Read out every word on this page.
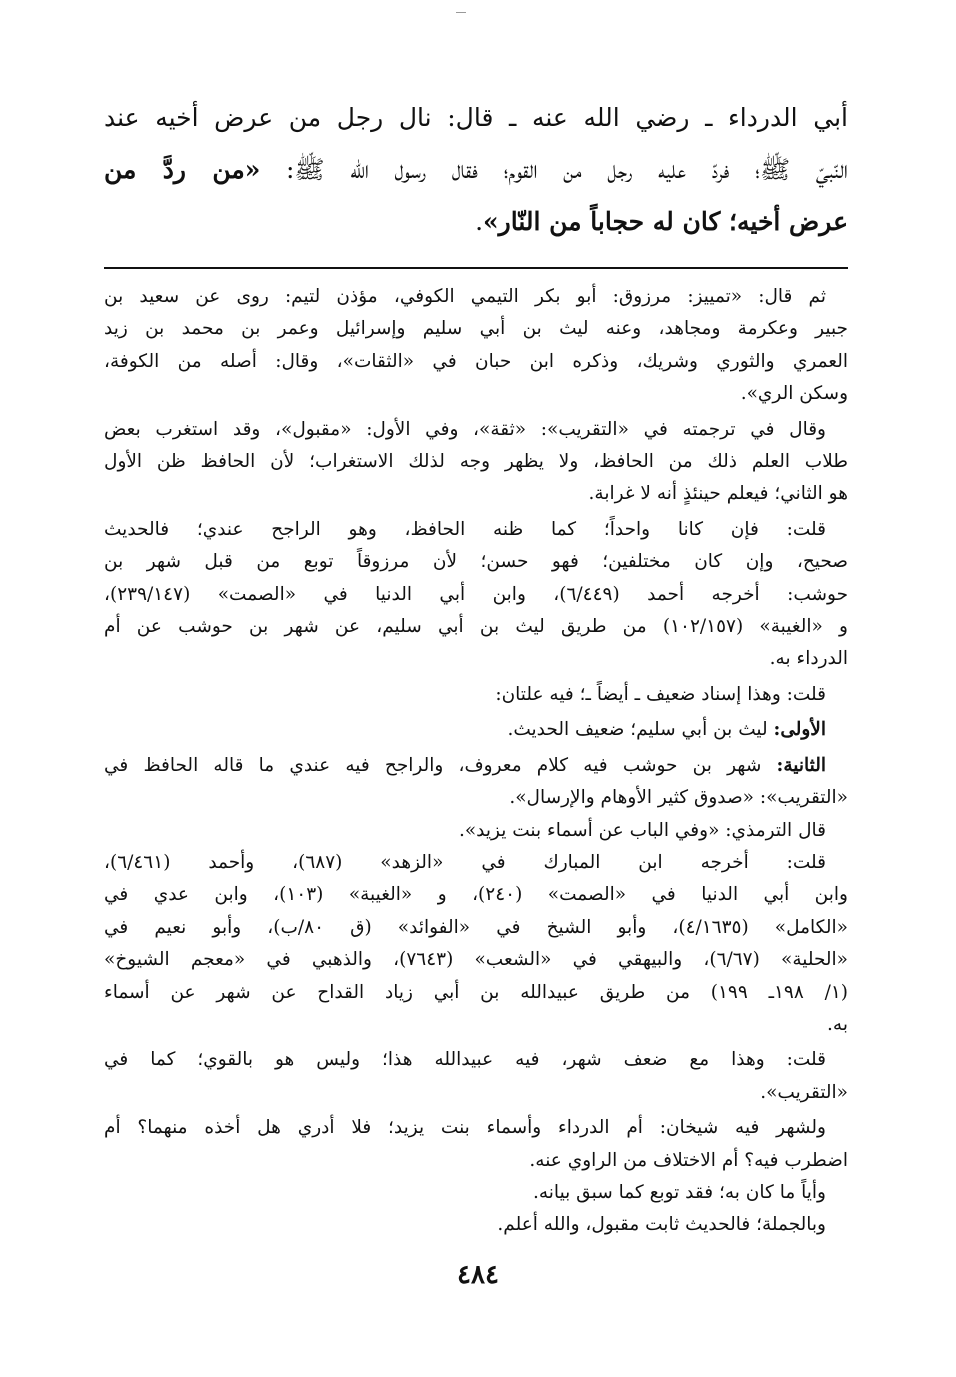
أبي الدرداء ـ رضي الله عنه ـ قال: نال رجل من عرض أخيه عند
النّبيّ ﷺ؛ فردّ عليه رجل من القوم؛ فقال رسول الله ﷺ: «من ردَّ من
عرض أخيه؛ كان له حجاباً من النّار».

ثم قال: «تمييز: مرزوق: أبو بكر التيمي الكوفي، مؤذن لتيم: روى عن سعيد بن
جبير وعكرمة ومجاهد، وعنه ليث بن أبي سليم وإسرائيل وعمر بن محمد بن زيد
العمري والثوري وشريك، وذكره ابن حبان في «الثقات»، وقال: أصله من الكوفة،
وسكن الري».
وقال في ترجمته في «التقريب»: «ثقة»، وفي الأول: «مقبول»، وقد استغرب بعض
طلاب العلم ذلك من الحافظ، ولا يظهر وجه لذلك الاستغراب؛ لأن الحافظ ظن الأول
هو الثاني؛ فيعلم حينئذٍ أنه لا غرابة.
قلت: فإن كانا واحداً؛ كما ظنه الحافظ، وهو الراجح عندي؛ فالحديث
صحيح، وإن كان مختلفين؛ فهو حسن؛ لأن مرزوقاً توبع من قبل شهر بن
حوشب: أخرجه أحمد (٦/٤٤٩)، وابن أبي الدنيا في «الصمت» (٢٣٩/١٤٧)،
و «الغيبة» (١٠٢/١٥٧) من طريق ليث بن أبي سليم، عن شهر بن حوشب عن أم
الدرداء به.
قلت: وهذا إسناد ضعيف ـ أيضاً ـ؛ فيه علتان:
الأولى: ليث بن أبي سليم؛ ضعيف الحديث.
الثانية: شهر بن حوشب فيه كلام معروف، والراجح فيه عندي ما قاله الحافظ في
«التقريب»: «صدوق كثير الأوهام والإرسال».
قال الترمذي: «وفي الباب عن أسماء بنت يزيد».
قلت: أخرجه ابن المبارك في «الزهد» (٦٨٧)، وأحمد (٦/٤٦١)،
وابن أبي الدنيا في «الصمت» (٢٤٠)، و «الغيبة» (١٠٣)، وابن عدي في
«الكامل» (٤/١٦٣٥)، وأبو الشيخ في «الفوائد» (ق ٨٠/ب)، وأبو نعيم في
«الحلية» (٦/٦٧)، والبيهقي في «الشعب» (٧٦٤٣)، والذهبي في «معجم الشيوخ»
(١/ ١٩٨ـ ١٩٩) من طريق عبيدالله بن أبي زياد القداح عن شهر عن أسماء
به.
قلت: وهذا مع ضعف شهر، فيه عبيدالله هذا؛ وليس هو بالقوي؛ كما في
«التقريب».
ولشهر فيه شيخان: أم الدرداء وأسماء بنت يزيد؛ فلا أدري هل أخذه منهما؟ أم
اضطرب فيه؟ أم الاختلاف من الراوي عنه.
وأياً ما كان به؛ فقد توبع كما سبق بيانه.
وبالجملة؛ فالحديث ثابت مقبول، والله أعلم.
٤٨٤
